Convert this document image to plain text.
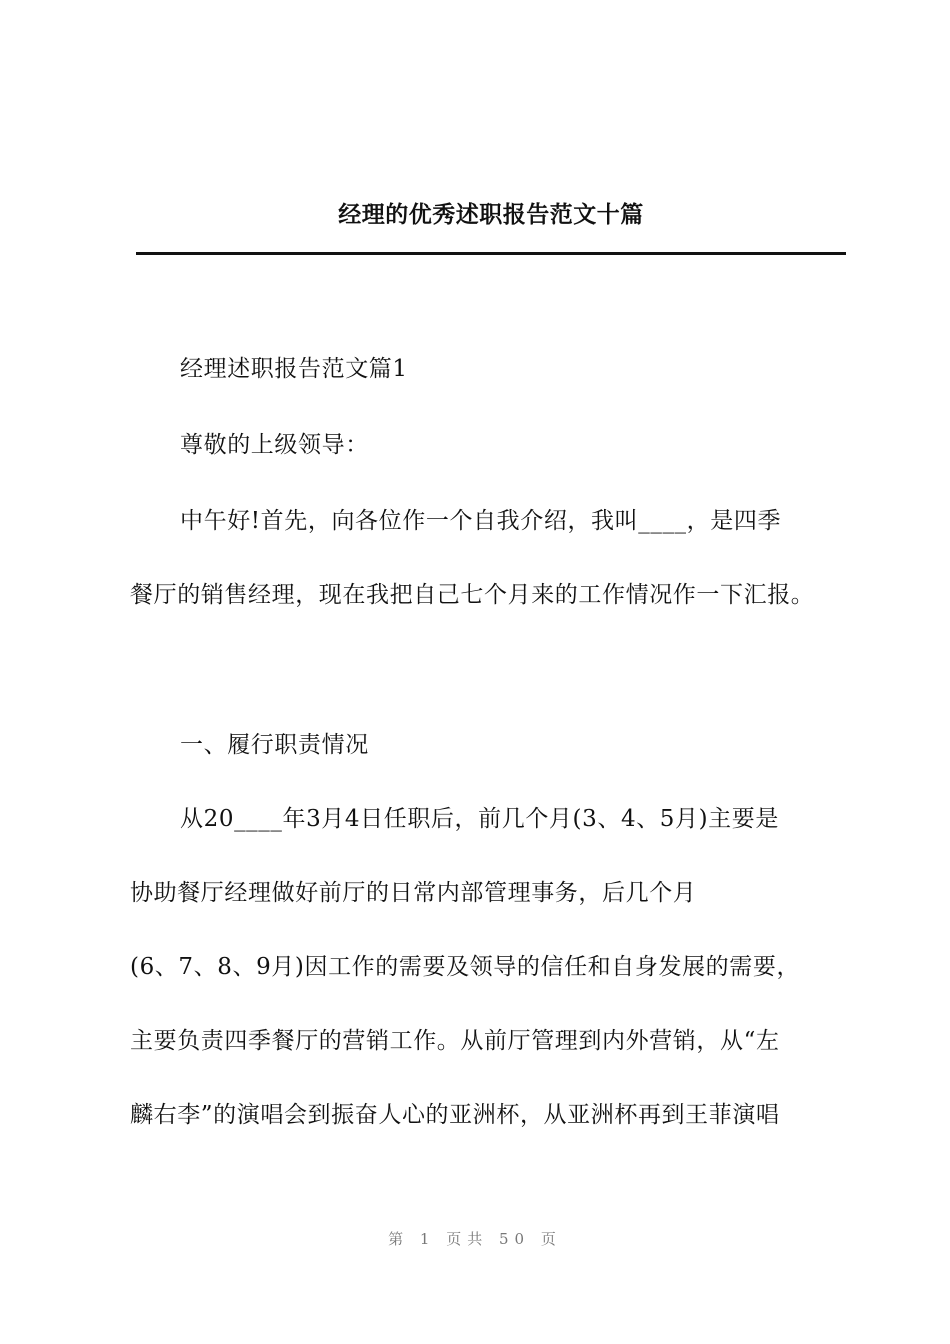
经理的优秀述职报告范文十篇
经理述职报告范文篇1
尊敬的上级领导：
中午好!首先，向各位作一个自我介绍，我叫____，是四季
餐厅的销售经理，现在我把自己七个月来的工作情况作一下汇报。
一、履行职责情况
从20____年3月4日任职后，前几个月(3、4、5月)主要是
协助餐厅经理做好前厅的日常内部管理事务，后几个月
(6、7、8、9月)因工作的需要及领导的信任和自身发展的需要，
主要负责四季餐厅的营销工作。从前厅管理到内外营销，从“左
麟右李”的演唱会到振奋人心的亚洲杯，从亚洲杯再到王菲演唱
第 1 页共 50 页
